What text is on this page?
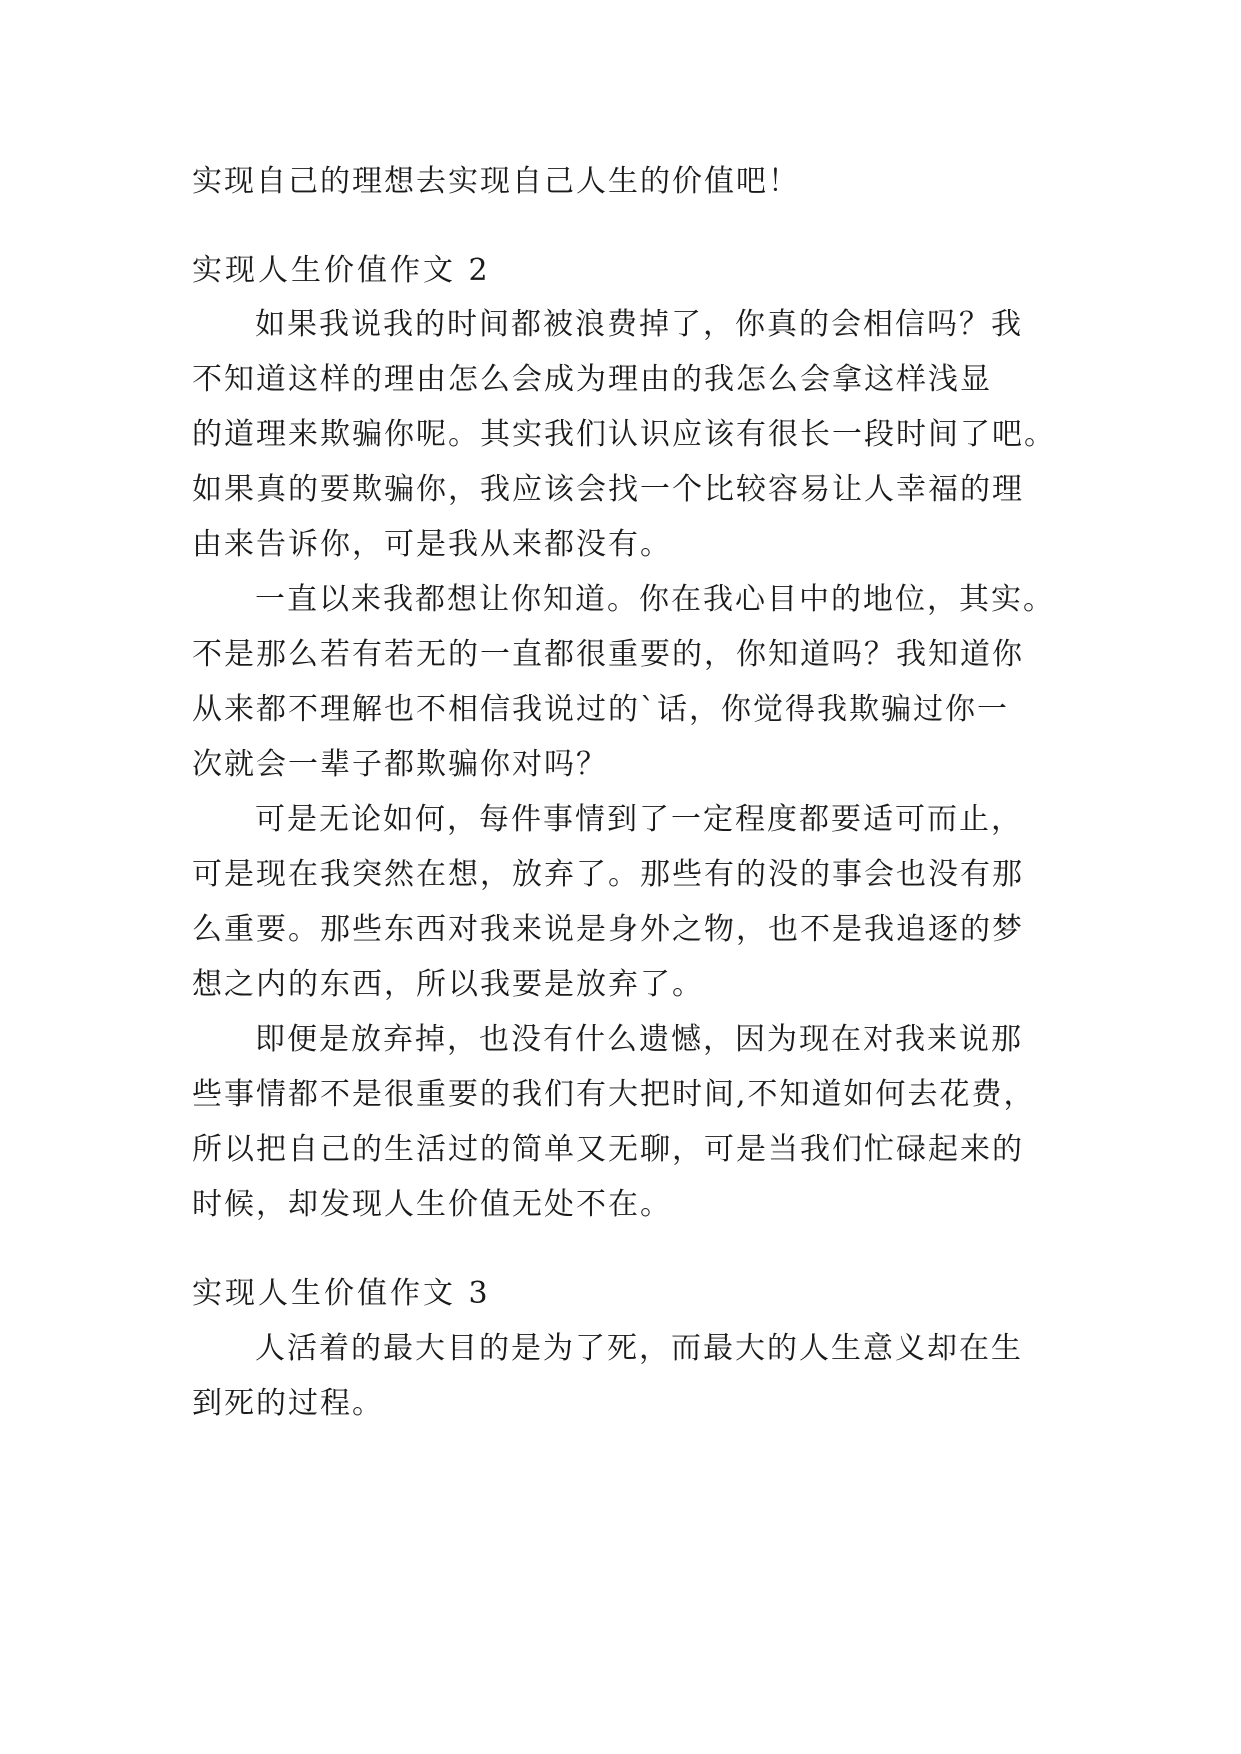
实现自己的理想去实现自己人生的价值吧！
实现人生价值作文 2
如果我说我的时间都被浪费掉了，你真的会相信吗？我
不知道这样的理由怎么会成为理由的我怎么会拿这样浅显
的道理来欺骗你呢。其实我们认识应该有很长一段时间了吧。
如果真的要欺骗你，我应该会找一个比较容易让人幸福的理
由来告诉你，可是我从来都没有。
一直以来我都想让你知道。你在我心目中的地位，其实。
不是那么若有若无的一直都很重要的，你知道吗？我知道你
从来都不理解也不相信我说过的`话，你觉得我欺骗过你一
次就会一辈子都欺骗你对吗？
可是无论如何，每件事情到了一定程度都要适可而止，
可是现在我突然在想，放弃了。那些有的没的事会也没有那
么重要。那些东西对我来说是身外之物，也不是我追逐的梦
想之内的东西，所以我要是放弃了。
即便是放弃掉，也没有什么遗憾，因为现在对我来说那
些事情都不是很重要的我们有大把时间,不知道如何去花费，
所以把自己的生活过的简单又无聊，可是当我们忙碌起来的
时候，却发现人生价值无处不在。
实现人生价值作文 3
人活着的最大目的是为了死，而最大的人生意义却在生
到死的过程。
